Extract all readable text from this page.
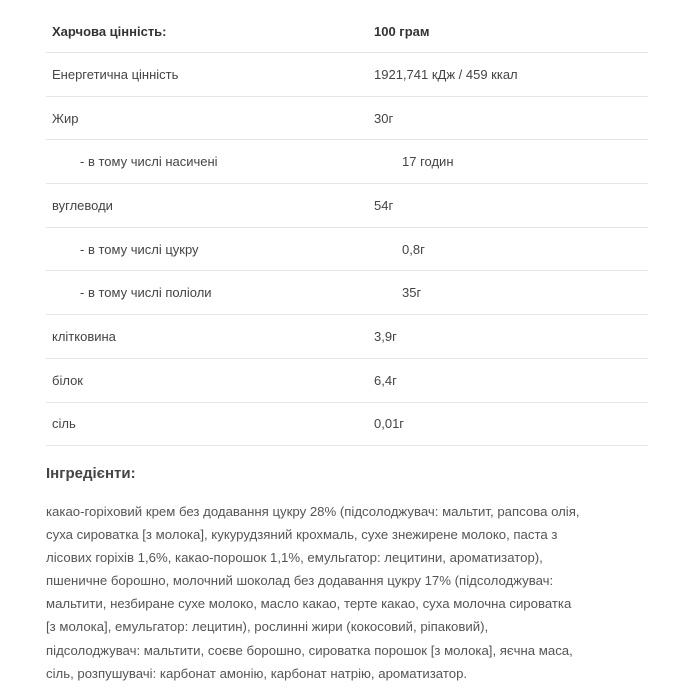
Харчова цінність:	100 грам
Енергетична цінність	1921,741 кДж / 459 ккал
Жир	30г
- в тому числі насичені	17 годин
вуглеводи	54г
- в тому числі цукру	0,8г
- в тому числі поліоли	35г
клітковина	3,9г
білок	6,4г
сіль	0,01г
Інгредієнти:
какао-горіховий крем без додавання цукру 28% (підсолоджувач: мальтит, рапсова олія,
суха сироватка [з молока], кукурудзяний крохмаль, сухе знежирене молоко, паста з
лісових горіхів 1,6%, какао-порошок 1,1%, емульгатор: лецитини, ароматизатор),
пшеничне борошно, молочний шоколад без додавання цукру 17% (підсолоджувач:
мальтити, незбиране сухе молоко, масло какао, терте какао, суха молочна сироватка
[з молока], емульгатор: лецитин), рослинні жири (кокосовий, ріпаковий),
підсолоджувач: мальтити, соєве борошно, сироватка порошок [з молока], яєчна маса,
сіль, розпушувачі: карбонат амонію, карбонат натрію, ароматизатор.
